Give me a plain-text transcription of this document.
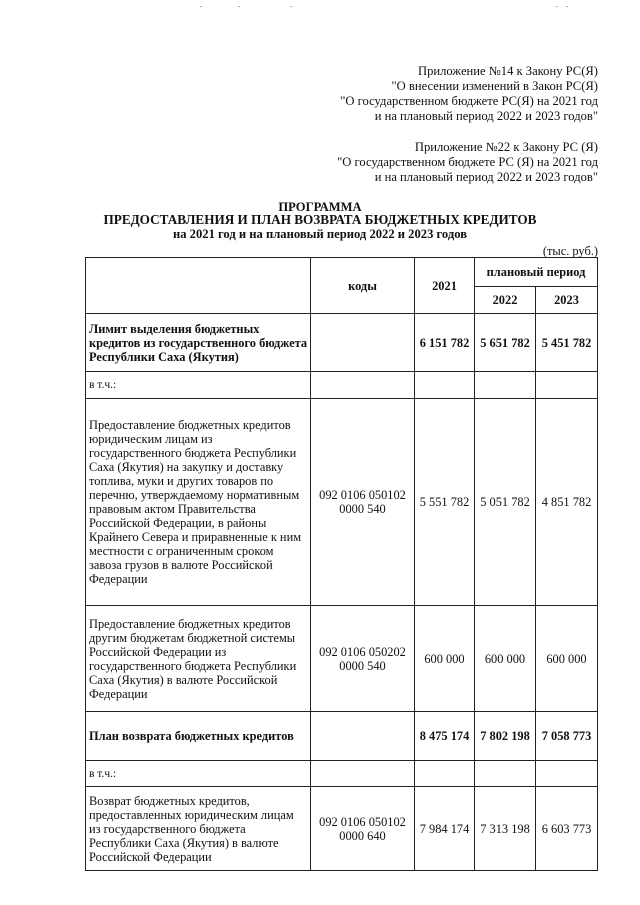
Приложение №14 к Закону РС(Я)
"О внесении изменений в Закон РС(Я)
"О государственном бюджете РС(Я) на 2021 год
и на плановый период 2022 и 2023 годов"
Приложение №22 к Закону РС (Я)
"О государственном бюджете РС (Я) на 2021 год
и на плановый период 2022 и 2023 годов"
ПРОГРАММА
ПРЕДОСТАВЛЕНИЯ И ПЛАН ВОЗВРАТА БЮДЖЕТНЫХ КРЕДИТОВ
на 2021 год и на плановый период 2022 и 2023 годов
(тыс. руб.)
	коды	2021	плановый период	
			2022	2023
Лимит выделения бюджетных кредитов из государственного бюджета Республики Саха (Якутия)		6 151 782	5 651 782	5 451 782
в т.ч.:				
Предоставление бюджетных кредитов юридическим лицам из государственного бюджета Республики Саха (Якутия) на закупку и доставку топлива, муки и других товаров по перечню, утверждаемому нормативным правовым актом Правительства Российской Федерации, в районы Крайнего Севера и приравненные к ним местности с ограниченным сроком завоза грузов в валюте Российской Федерации	092 0106 050102 0000 540	5 551 782	5 051 782	4 851 782
Предоставление бюджетных кредитов другим бюджетам бюджетной системы Российской Федерации из государственного бюджета Республики Саха (Якутия) в валюте Российской Федерации	092 0106 050202 0000 540	600 000	600 000	600 000
План возврата бюджетных кредитов		8 475 174	7 802 198	7 058 773
в т.ч.:				
Возврат бюджетных кредитов, предоставленных юридическим лицам из государственного бюджета Республики Саха (Якутия) в валюте Российской Федерации	092 0106 050102 0000 640	7 984 174	7 313 198	6 603 773
